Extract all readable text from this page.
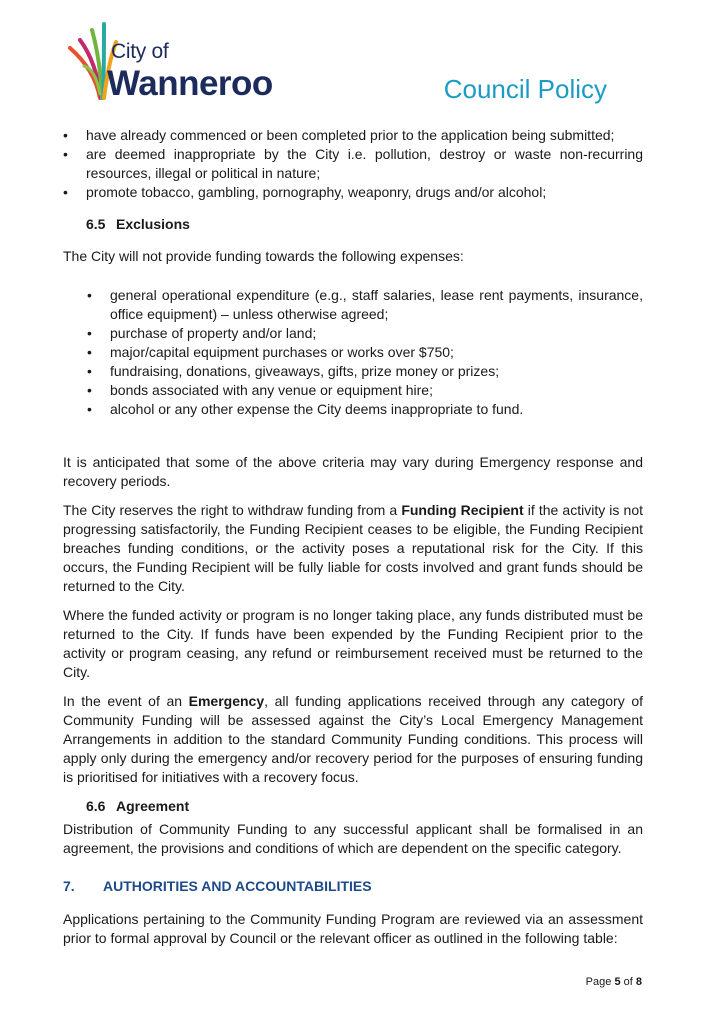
City of
Wanneroo	Council Policy
•	have already commenced or been completed prior to the application being submitted;
•	are deemed inappropriate by the City i.e. pollution, destroy or waste non-recurring resources, illegal or political in nature;
•	promote tobacco, gambling, pornography, weaponry, drugs and/or alcohol;
6.5 Exclusions

The City will not provide funding towards the following expenses:

•	general operational expenditure (e.g., staff salaries, lease rent payments, insurance, office equipment) – unless otherwise agreed;
•	purchase of property and/or land;
•	major/capital equipment purchases or works over $750;
•	fundraising, donations, giveaways, gifts, prize money or prizes;
•	bonds associated with any venue or equipment hire;
•	alcohol or any other expense the City deems inappropriate to fund.

It is anticipated that some of the above criteria may vary during Emergency response and recovery periods.

The City reserves the right to withdraw funding from a Funding Recipient if the activity is not progressing satisfactorily, the Funding Recipient ceases to be eligible, the Funding Recipient breaches funding conditions, or the activity poses a reputational risk for the City. If this occurs, the Funding Recipient will be fully liable for costs involved and grant funds should be returned to the City.

Where the funded activity or program is no longer taking place, any funds distributed must be returned to the City. If funds have been expended by the Funding Recipient prior to the activity or program ceasing, any refund or reimbursement received must be returned to the City.

In the event of an Emergency, all funding applications received through any category of Community Funding will be assessed against the City’s Local Emergency Management Arrangements in addition to the standard Community Funding conditions. This process will apply only during the emergency and/or recovery period for the purposes of ensuring funding is prioritised for initiatives with a recovery focus.

6.6 Agreement

Distribution of Community Funding to any successful applicant shall be formalised in an agreement, the provisions and conditions of which are dependent on the specific category.

7. AUTHORITIES AND ACCOUNTABILITIES

Applications pertaining to the Community Funding Program are reviewed via an assessment prior to formal approval by Council or the relevant officer as outlined in the following table:

Page 5 of 8
